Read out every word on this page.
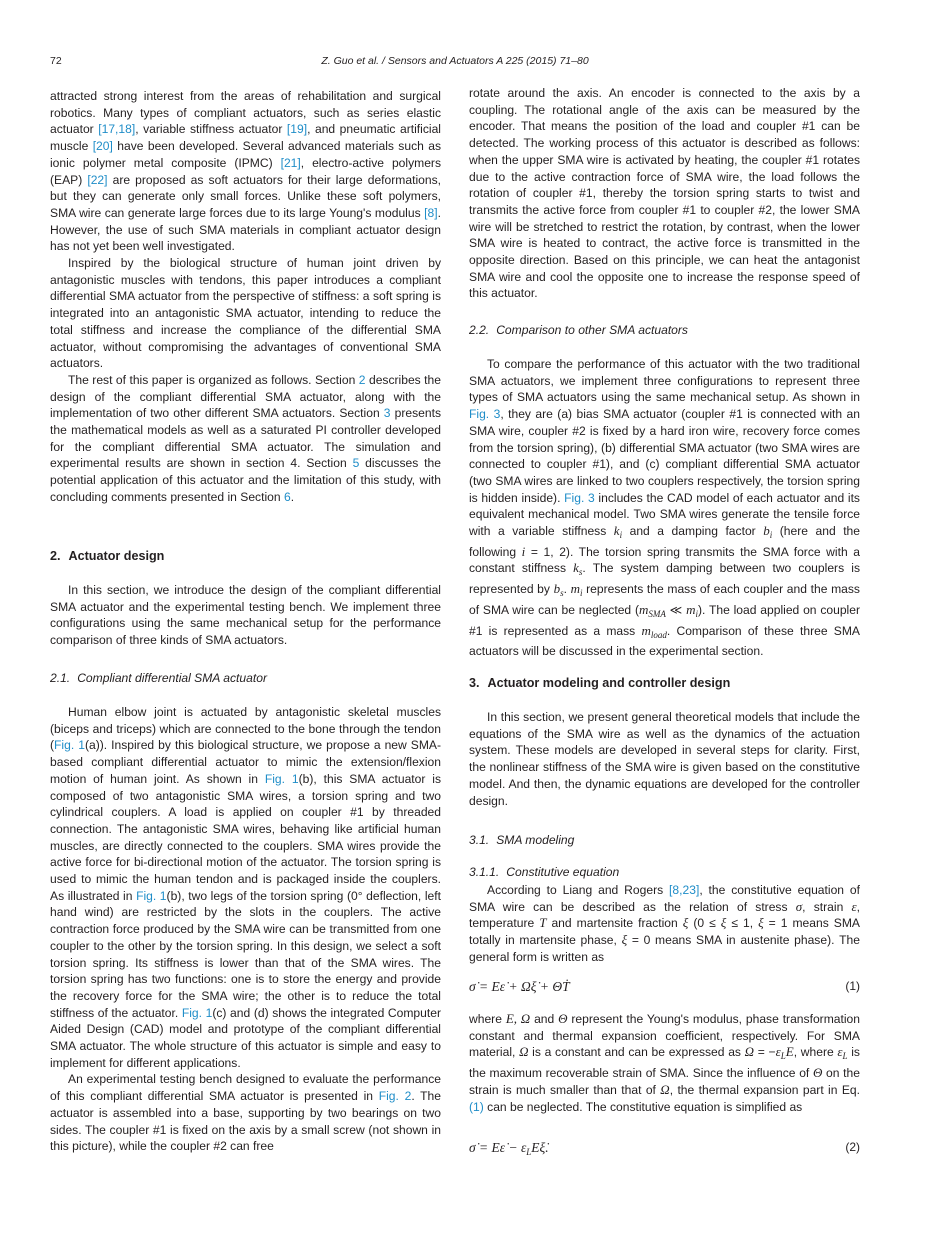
72	Z. Guo et al. / Sensors and Actuators A 225 (2015) 71–80

attracted strong interest from the areas of rehabilitation and surgical robotics. Many types of compliant actuators, such as series elastic actuator [17,18], variable stiffness actuator [19], and pneumatic artificial muscle [20] have been developed. Several advanced materials such as ionic polymer metal composite (IPMC) [21], electro-active polymers (EAP) [22] are proposed as soft actuators for their large deformations, but they can generate only small forces. Unlike these soft polymers, SMA wire can generate large forces due to its large Young's modulus [8]. However, the use of such SMA materials in compliant actuator design has not yet been well investigated.

Inspired by the biological structure of human joint driven by antagonistic muscles with tendons, this paper introduces a compliant differential SMA actuator from the perspective of stiffness: a soft spring is integrated into an antagonistic SMA actuator, intending to reduce the total stiffness and increase the compliance of the differential SMA actuator, without compromising the advantages of conventional SMA actuators.

The rest of this paper is organized as follows. Section 2 describes the design of the compliant differential SMA actuator, along with the implementation of two other different SMA actuators. Section 3 presents the mathematical models as well as a saturated PI controller developed for the compliant differential SMA actuator. The simulation and experimental results are shown in section 4. Section 5 discusses the potential application of this actuator and the limitation of this study, with concluding comments presented in Section 6.

2. Actuator design

In this section, we introduce the design of the compliant differential SMA actuator and the experimental testing bench. We implement three configurations using the same mechanical setup for the performance comparison of three kinds of SMA actuators.

2.1. Compliant differential SMA actuator

Human elbow joint is actuated by antagonistic skeletal muscles (biceps and triceps) which are connected to the bone through the tendon (Fig. 1(a)). Inspired by this biological structure, we propose a new SMA-based compliant differential actuator to mimic the extension/flexion motion of human joint. As shown in Fig. 1(b), this SMA actuator is composed of two antagonistic SMA wires, a torsion spring and two cylindrical couplers. A load is applied on coupler #1 by threaded connection. The antagonistic SMA wires, behaving like artificial human muscles, are directly connected to the couplers. SMA wires provide the active force for bi-directional motion of the actuator. The torsion spring is used to mimic the human tendon and is packaged inside the couplers. As illustrated in Fig. 1(b), two legs of the torsion spring (0° deflection, left hand wind) are restricted by the slots in the couplers. The active contraction force produced by the SMA wire can be transmitted from one coupler to the other by the torsion spring. In this design, we select a soft torsion spring. Its stiffness is lower than that of the SMA wires. The torsion spring has two functions: one is to store the energy and provide the recovery force for the SMA wire; the other is to reduce the total stiffness of the actuator. Fig. 1(c) and (d) shows the integrated Computer Aided Design (CAD) model and prototype of the compliant differential SMA actuator. The whole structure of this actuator is simple and easy to implement for different applications.

An experimental testing bench designed to evaluate the performance of this compliant differential SMA actuator is presented in Fig. 2. The actuator is assembled into a base, supporting by two bearings on two sides. The coupler #1 is fixed on the axis by a small screw (not shown in this picture), while the coupler #2 can free

rotate around the axis. An encoder is connected to the axis by a coupling. The rotational angle of the axis can be measured by the encoder. That means the position of the load and coupler #1 can be detected. The working process of this actuator is described as follows: when the upper SMA wire is activated by heating, the coupler #1 rotates due to the active contraction force of SMA wire, the load follows the rotation of coupler #1, thereby the torsion spring starts to twist and transmits the active force from coupler #1 to coupler #2, the lower SMA wire will be stretched to restrict the rotation, by contrast, when the lower SMA wire is heated to contract, the active force is transmitted in the opposite direction. Based on this principle, we can heat the antagonist SMA wire and cool the opposite one to increase the response speed of this actuator.

2.2. Comparison to other SMA actuators

To compare the performance of this actuator with the two traditional SMA actuators, we implement three configurations to represent three types of SMA actuators using the same mechanical setup. As shown in Fig. 3, they are (a) bias SMA actuator (coupler #1 is connected with an SMA wire, coupler #2 is fixed by a hard iron wire, recovery force comes from the torsion spring), (b) differential SMA actuator (two SMA wires are connected to coupler #1), and (c) compliant differential SMA actuator (two SMA wires are linked to two couplers respectively, the torsion spring is hidden inside). Fig. 3 includes the CAD model of each actuator and its equivalent mechanical model. Two SMA wires generate the tensile force with a variable stiffness $k_i$ and a damping factor $b_i$ (here and the following i = 1, 2). The torsion spring transmits the SMA force with a constant stiffness $k_s$. The system damping between two couplers is represented by $b_s$. $m_i$ represents the mass of each coupler and the mass of SMA wire can be neglected ($m_{SMA}$ ≪ $m_i$). The load applied on coupler #1 is represented as a mass $m_{load}$. Comparison of these three SMA actuators will be discussed in the experimental section.

3. Actuator modeling and controller design

In this section, we present general theoretical models that include the equations of the SMA wire as well as the dynamics of the actuation system. These models are developed in several steps for clarity. First, the nonlinear stiffness of the SMA wire is given based on the constitutive model. And then, the dynamic equations are developed for the controller design.

3.1. SMA modeling
3.1.1. Constitutive equation

According to Liang and Rogers [8,23], the constitutive equation of SMA wire can be described as the relation of stress σ, strain ε, temperature T and martensite fraction ξ (0 ≤ ξ ≤ 1, ξ = 1 means SMA totally in martensite phase, ξ = 0 means SMA in austenite phase). The general form is written as

σ̇ = Eε̇ + Ωξ̇ + ΘṪ	(1)

where E, Ω and Θ represent the Young's modulus, phase transformation constant and thermal expansion coefficient, respectively. For SMA material, Ω is a constant and can be expressed as $\Omega = -\varepsilon_LE$, where $\varepsilon_L$ is the maximum recoverable strain of SMA. Since the influence of Θ on the strain is much smaller than that of Ω, the thermal expansion part in Eq. (1) can be neglected. The constitutive equation is simplified as

σ̇ = Eε̇ − $\varepsilon_LE\xi̇$.	(2)
